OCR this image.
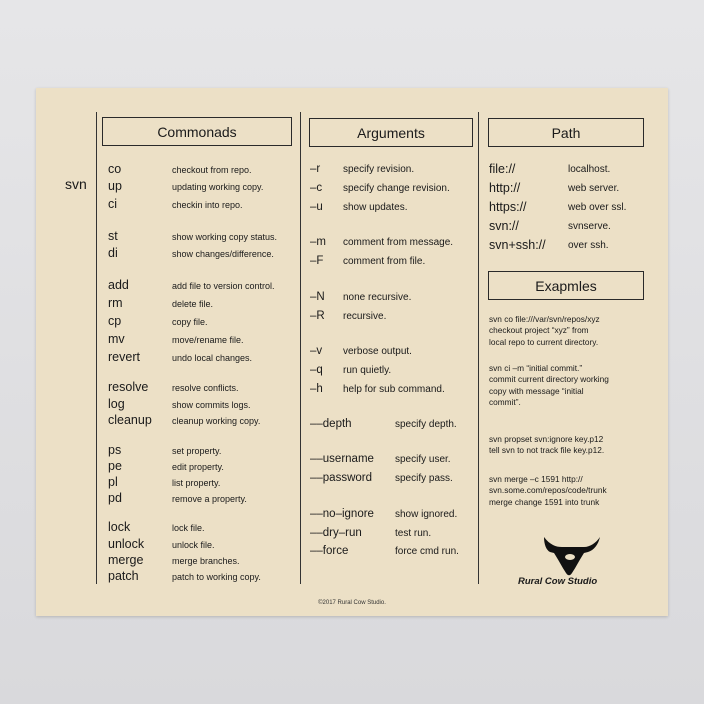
Commonads	Arguments	Path
Exapmles
svn
co	checkout from repo.
up	updating working copy.
ci	checkin into repo.
st	show working copy status.
di	show changes/difference.
add	add file to version control.
rm	delete file.
cp	copy file.
mv	move/rename file.
revert	undo local changes.
resolve	resolve conflicts.
log	show commits logs.
cleanup cleanup working copy.
ps	set property.
pe	edit property.
pl	list property.
pd	remove a property.
lock	lock file.
unlock	unlock file.
merge	merge branches.
patch	patch to working copy.
–r specify revision.
–c specify change revision.
–u show updates.
–m comment from message.
–F comment from file.
–N none recursive.
–R recursive.
–v verbose output.
–q run quietly.
–h help for sub command.
––depth	specify depth.
––username specify user.
––password specify pass.
––no–ignore show ignored.
––dry–run	test run.
––force	force cmd run.
file://	localhost.
http://	web server.
https://	web over ssl.
svn://	svnserve.
svn+ssh:// over ssh.
svn co file:///var/svn/repos/xyz
checkout project “xyz” from
local repo to current directory.
svn ci –m “initial commit.”
commit current directory working
copy with message “initial
commit”.
svn propset svn:ignore key.p12
tell svn to not track file key.p12.
svn merge –c 1591 http://
svn.some.com/repos/code/trunk
merge change 1591 into trunk
Rural Cow Studio
©2017 Rural Cow Studio.
